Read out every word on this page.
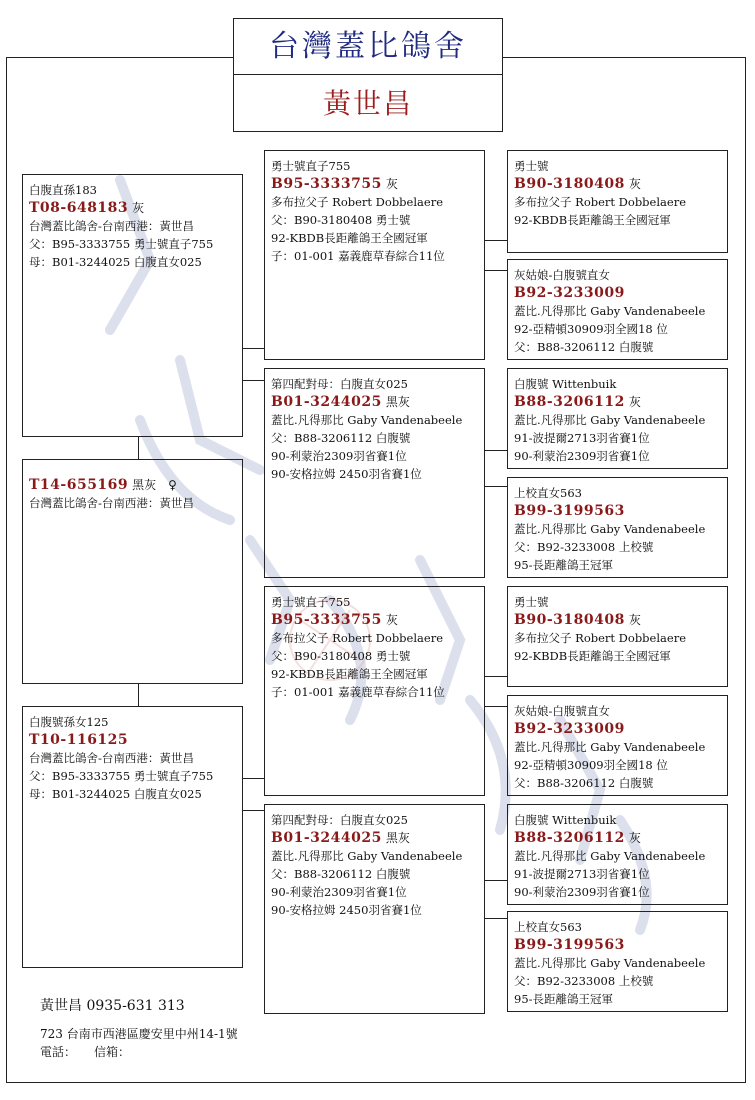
台灣蓋比鴿舍
黃世昌
白腹直孫183
T08-648183 灰
台灣蓋比鴿舍-台南西港：黃世昌
父：B95-3333755 勇士號直子755
母：B01-3244025 白腹直女025
T14-655169 黑灰　♀
台灣蓋比鴿舍-台南西港：黃世昌
白腹號孫女125
T10-116125
台灣蓋比鴿舍-台南西港：黃世昌
父：B95-3333755 勇士號直子755
母：B01-3244025 白腹直女025
勇士號直子755
B95-3333755 灰
多布拉父子 Robert Dobbelaere
父：B90-3180408 勇士號
92-KBDB長距離鴿王全國冠軍
子：01-001 嘉義鹿草春綜合11位
第四配對母：白腹直女025
B01-3244025 黑灰
蓋比.凡得那比 Gaby Vandenabeele
父：B88-3206112 白腹號
90-利蒙治2309羽省賽1位
90-安格拉姆 2450羽省賽1位
勇士號直子755
B95-3333755 灰
多布拉父子 Robert Dobbelaere
父：B90-3180408 勇士號
92-KBDB長距離鴿王全國冠軍
子：01-001 嘉義鹿草春綜合11位
第四配對母：白腹直女025
B01-3244025 黑灰
蓋比.凡得那比 Gaby Vandenabeele
父：B88-3206112 白腹號
90-利蒙治2309羽省賽1位
90-安格拉姆 2450羽省賽1位
勇士號
B90-3180408 灰
多布拉父子 Robert Dobbelaere
92-KBDB長距離鴿王全國冠軍
灰姑娘-白腹號直女
B92-3233009
蓋比.凡得那比 Gaby Vandenabeele
92-亞精頓30909羽全國18 位
父：B88-3206112 白腹號
白腹號 Wittenbuik
B88-3206112 灰
蓋比.凡得那比 Gaby Vandenabeele
91-波提爾2713羽省賽1位
90-利蒙治2309羽省賽1位
上校直女563
B99-3199563
蓋比.凡得那比 Gaby Vandenabeele
父：B92-3233008 上校號
95-長距離鴿王冠軍
勇士號
B90-3180408 灰
多布拉父子 Robert Dobbelaere
92-KBDB長距離鴿王全國冠軍
灰姑娘-白腹號直女
B92-3233009
蓋比.凡得那比 Gaby Vandenabeele
92-亞精頓30909羽全國18 位
父：B88-3206112 白腹號
白腹號 Wittenbuik
B88-3206112 灰
蓋比.凡得那比 Gaby Vandenabeele
91-波提爾2713羽省賽1位
90-利蒙治2309羽省賽1位
上校直女563
B99-3199563
蓋比.凡得那比 Gaby Vandenabeele
父：B92-3233008 上校號
95-長距離鴿王冠軍
黃世昌 0935-631 313
723 台南市西港區慶安里中州14-1號
電話：　　信箱：
